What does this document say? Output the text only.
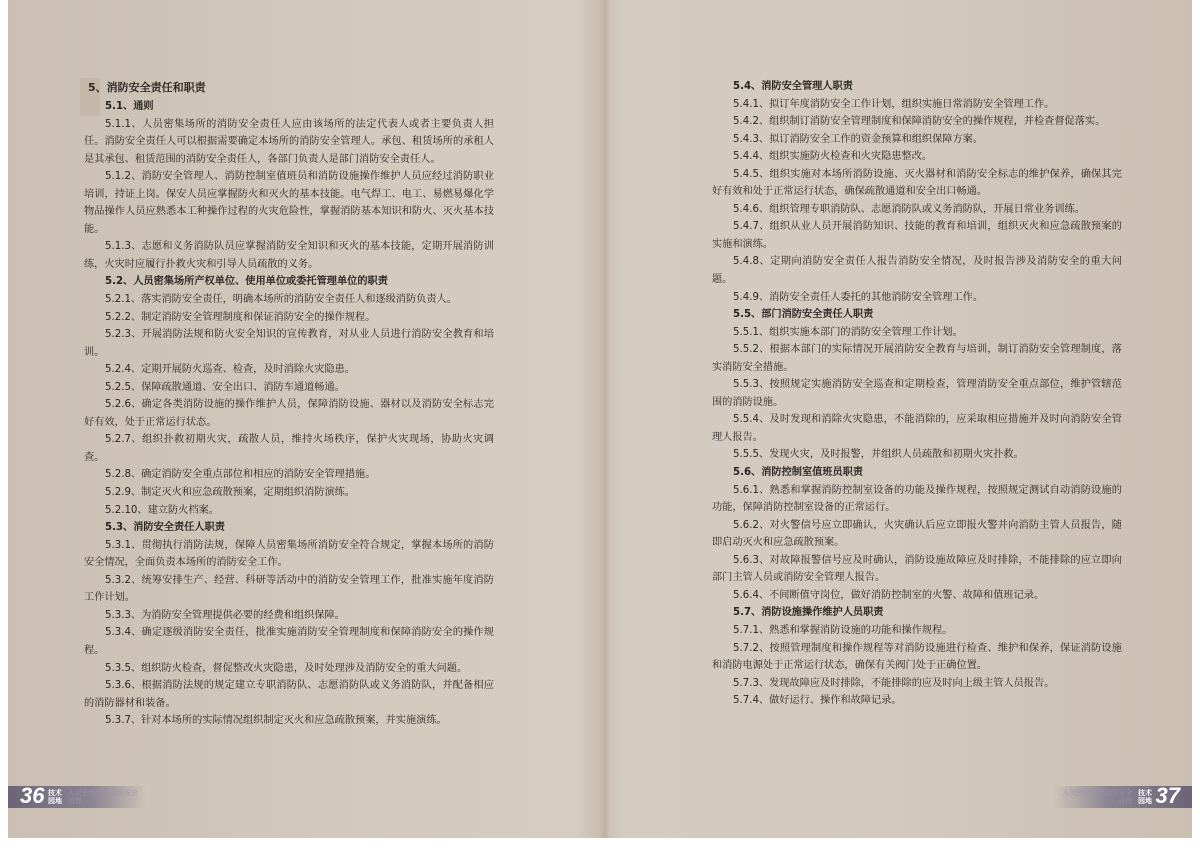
5、消防安全责任和职责

5.1、通则

5.1.1、人员密集场所的消防安全责任人应由该场所的法定代表人或者主要负责人担任。消防安全责任人可以根据需要确定本场所的消防安全管理人。承包、租赁场所的承租人是其承包、租赁范围的消防安全责任人，各部门负责人是部门消防安全责任人。

5.1.2、消防安全管理人、消防控制室值班员和消防设施操作维护人员应经过消防职业培训，持证上岗。保安人员应掌握防火和灭火的基本技能。电气焊工、电工、易燃易爆化学物品操作人员应熟悉本工种操作过程的火灾危险性，掌握消防基本知识和防火、灭火基本技能。

5.1.3、志愿和义务消防队员应掌握消防安全知识和灭火的基本技能，定期开展消防训练，火灾时应履行扑救火灾和引导人员疏散的义务。

5.2、人员密集场所产权单位、使用单位或委托管理单位的职责

5.2.1、落实消防安全责任，明确本场所的消防安全责任人和逐级消防负责人。

5.2.2、制定消防安全管理制度和保证消防安全的操作规程。

5.2.3、开展消防法规和防火安全知识的宣传教育，对从业人员进行消防安全教育和培训。

5.2.4、定期开展防火巡查、检查，及时消除火灾隐患。

5.2.5、保障疏散通道、安全出口、消防车通道畅通。

5.2.6、确定各类消防设施的操作维护人员，保障消防设施、器材以及消防安全标志完好有效，处于正常运行状态。

5.2.7、组织扑救初期火灾，疏散人员，维持火场秩序，保护火灾现场，协助火灾调查。

5.2.8、确定消防安全重点部位和相应的消防安全管理措施。

5.2.9、制定灭火和应急疏散预案，定期组织消防演练。

5.2.10、建立防火档案。

5.3、消防安全责任人职责

5.3.1、贯彻执行消防法规，保障人员密集场所消防安全符合规定，掌握本场所的消防安全情况，全面负责本场所的消防安全工作。

5.3.2、统筹安排生产、经营、科研等活动中的消防安全管理工作，批准实施年度消防工作计划。

5.3.3、为消防安全管理提供必要的经费和组织保障。

5.3.4、确定逐级消防安全责任，批准实施消防安全管理制度和保障消防安全的操作规程。

5.3.5、组织防火检查，督促整改火灾隐患，及时处理涉及消防安全的重大问题。

5.3.6、根据消防法规的规定建立专职消防队、志愿消防队或义务消防队，并配备相应的消防器材和装备。

5.3.7、针对本场所的实际情况组织制定灭火和应急疏散预案，并实施演练。

5.4、消防安全管理人职责

5.4.1、拟订年度消防安全工作计划，组织实施日常消防安全管理工作。

5.4.2、组织制订消防安全管理制度和保障消防安全的操作规程，并检查督促落实。

5.4.3、拟订消防安全工作的资金预算和组织保障方案。

5.4.4、组织实施防火检查和火灾隐患整改。

5.4.5、组织实施对本场所消防设施、灭火器材和消防安全标志的维护保养，确保其完好有效和处于正常运行状态，确保疏散通道和安全出口畅通。

5.4.6、组织管理专职消防队、志愿消防队或义务消防队，开展日常业务训练。

5.4.7、组织从业人员开展消防知识、技能的教育和培训，组织灭火和应急疏散预案的实施和演练。

5.4.8、定期向消防安全责任人报告消防安全情况，及时报告涉及消防安全的重大问题。

5.4.9、消防安全责任人委托的其他消防安全管理工作。

5.5、部门消防安全责任人职责

5.5.1、组织实施本部门的消防安全管理工作计划。

5.5.2、根据本部门的实际情况开展消防安全教育与培训，制订消防安全管理制度，落实消防安全措施。

5.5.3、按照规定实施消防安全巡查和定期检查，管理消防安全重点部位，维护管辖范围的消防设施。

5.5.4、及时发现和消除火灾隐患，不能消除的，应采取相应措施并及时向消防安全管理人报告。

5.5.5、发现火灾，及时报警，并组织人员疏散和初期火灾扑救。

5.6、消防控制室值班员职责

5.6.1、熟悉和掌握消防控制室设备的功能及操作规程，按照规定测试自动消防设施的功能，保障消防控制室设备的正常运行。

5.6.2、对火警信号应立即确认，火灾确认后应立即报火警并向消防主管人员报告，随即启动灭火和应急疏散预案。

5.6.3、对故障报警信号应及时确认，消防设施故障应及时排除，不能排除的应立即向部门主管人员或消防安全管理人报告。

5.6.4、不间断值守岗位，做好消防控制室的火警、故障和值班记录。

5.7、消防设施操作维护人员职责

5.7.1、熟悉和掌握消防设施的功能和操作规程。

5.7.2、按照管理制度和操作规程等对消防设施进行检查、维护和保养，保证消防设施和消防电源处于正常运行状态，确保有关阀门处于正确位置。

5.7.3、发现故障应及时排除，不能排除的应及时向上级主管人员报告。

5.7.4、做好运行、操作和故障记录。

36 技术园地
人员密集场所消防安全管理	37
技术园地
人员密集场所消防安全管理
